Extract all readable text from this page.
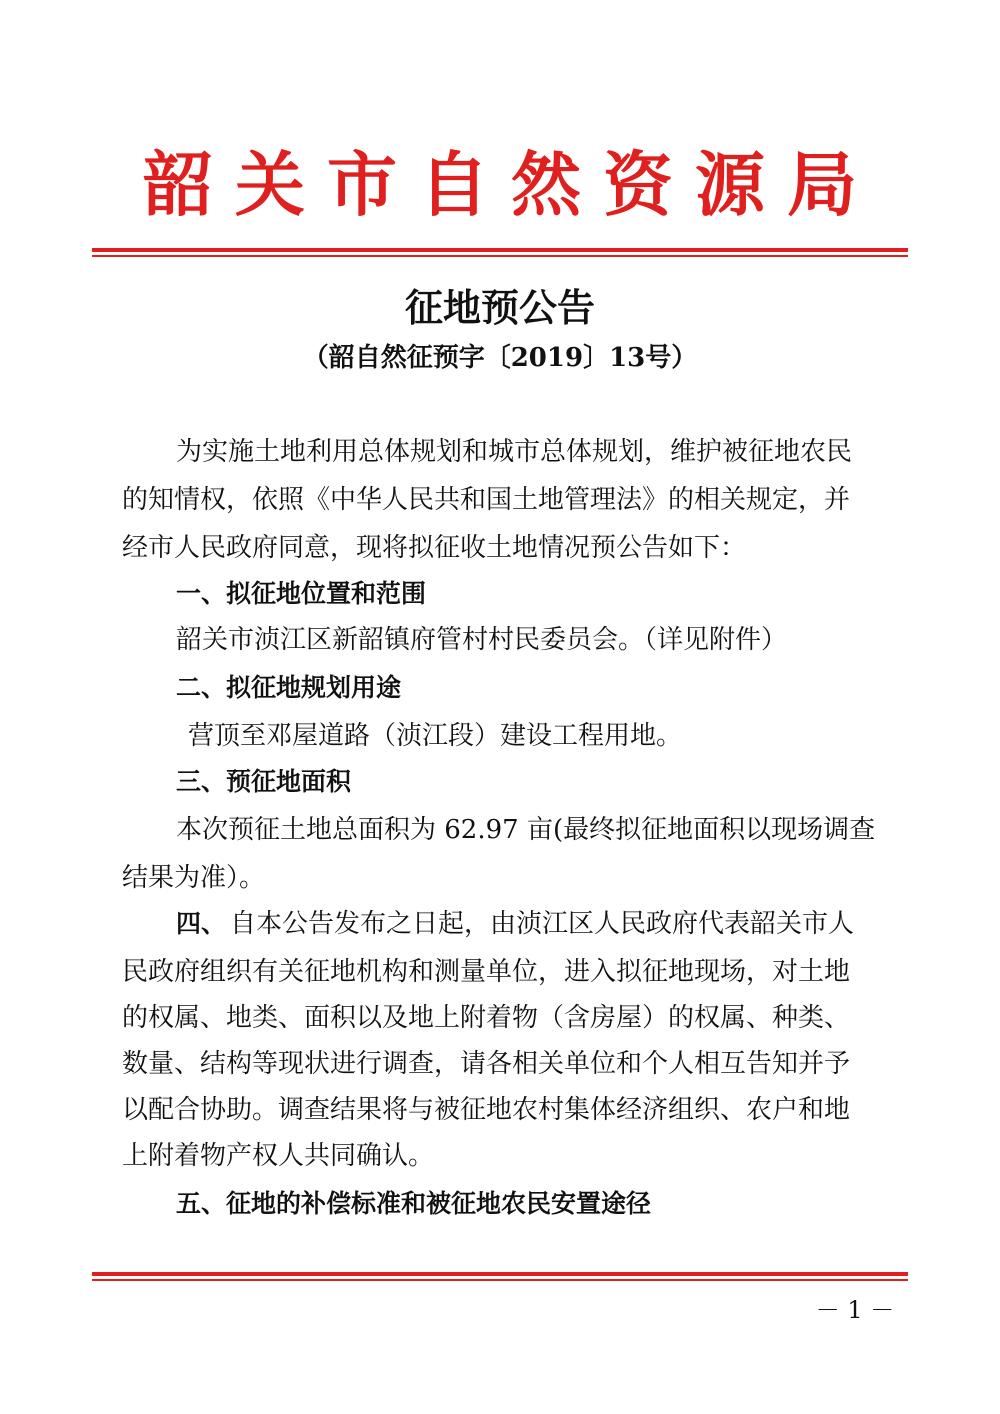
韶关市自然资源局
征地预公告
（韶自然征预字〔2019〕13号）
为实施土地利用总体规划和城市总体规划，维护被征地农民
的知情权，依照《中华人民共和国土地管理法》的相关规定，并
经市人民政府同意，现将拟征收土地情况预公告如下：
一、拟征地位置和范围
韶关市浈江区新韶镇府管村村民委员会。（详见附件）
二、拟征地规划用途
营顶至邓屋道路（浈江段）建设工程用地。
三、预征地面积
本次预征土地总面积为 62.97 亩(最终拟征地面积以现场调查
结果为准）。
四、 自本公告发布之日起，由浈江区人民政府代表韶关市人
民政府组织有关征地机构和测量单位，进入拟征地现场，对土地
的权属、地类、面积以及地上附着物（含房屋）的权属、种类、
数量、结构等现状进行调查，请各相关单位和个人相互告知并予
以配合协助。调查结果将与被征地农村集体经济组织、农户和地
上附着物产权人共同确认。
五、征地的补偿标准和被征地农民安置途径
－ 1 －
